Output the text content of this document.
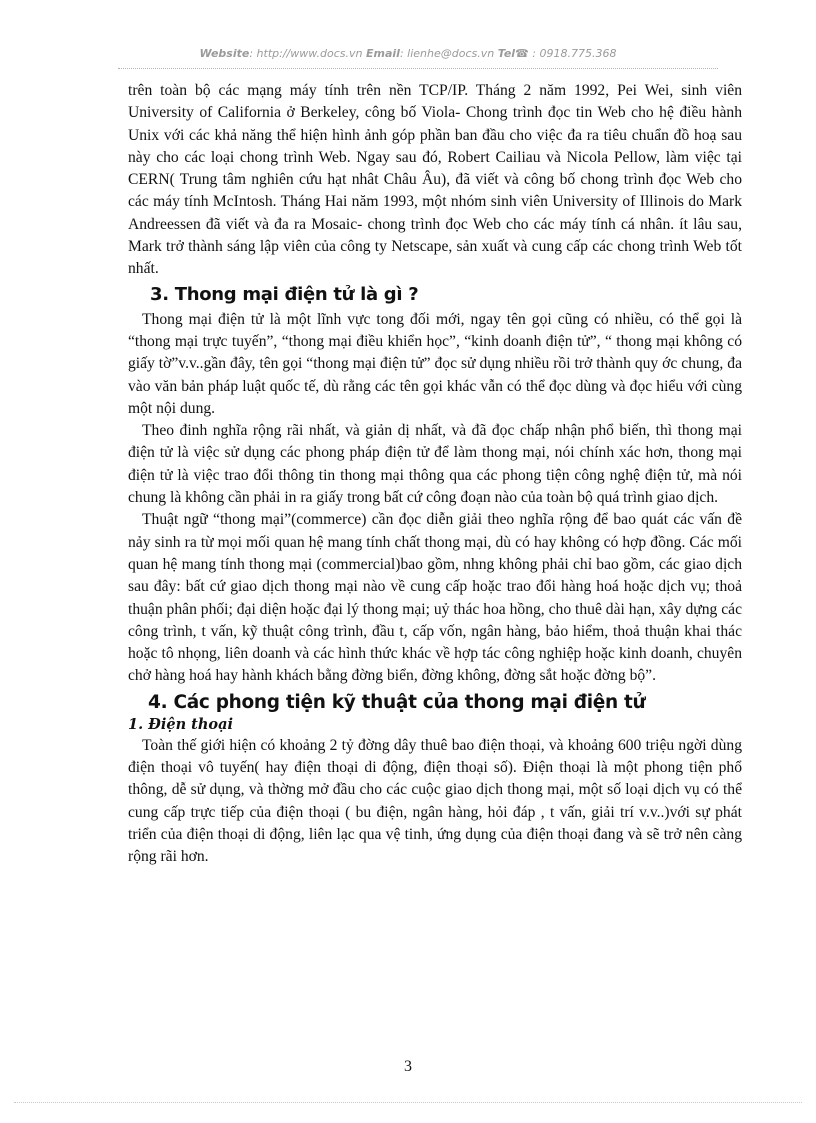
Website: http://www.docs.vn Email: lienhe@docs.vn Tel☎ : 0918.775.368

trên toàn bộ các mạng máy tính trên nền TCP/IP. Tháng 2 năm 1992, Pei Wei, sinh viên University of California ở Berkeley, công bố Viola- Chong trình đọc tin Web cho hệ điều hành Unix với các khả năng thể hiện hình ảnh góp phần ban đầu cho việc đa ra tiêu chuẩn đồ hoạ sau này cho các loại chong trình Web. Ngay sau đó, Robert Cailiau và Nicola Pellow, làm việc tại CERN( Trung tâm nghiên cứu hạt nhât Châu Âu), đã viết và công bố chong trình đọc Web cho các máy tính McIntosh. Tháng Hai năm 1993, một nhóm sinh viên University of Illinois do Mark Andreessen đã viết và đa ra Mosaic- chong trình đọc Web cho các máy tính cá nhân. ít lâu sau, Mark trở thành sáng lập viên của công ty Netscape, sản xuất và cung cấp các chong trình Web tốt nhất.

3. Thong mại điện tử là gì ?

Thong mại điện tử là một lĩnh vực tong đối mới, ngay tên gọi cũng có nhiều, có thể gọi là “thong mại trực tuyến”, “thong mại điều khiển học”, “kinh doanh điện tử”, “ thong mại không có giấy tờ”v.v..gần đây, tên gọi “thong mại điện tử” đọc sử dụng nhiều rồi trở thành quy ớc chung, đa vào văn bản pháp luật quốc tế, dù rằng các tên gọi khác vẫn có thể đọc dùng và đọc hiểu với cùng một nội dung.

Theo đinh nghĩa rộng rãi nhất, và giản dị nhất, và đã đọc chấp nhận phổ biến, thì thong mại điện tử là việc sử dụng các phong pháp điện tử để làm thong mại, nói chính xác hơn, thong mại điện tử là việc trao đổi thông tin thong mại thông qua các phong tiện công nghệ điện tử, mà nói chung là không cần phải in ra giấy trong bất cứ công đoạn nào của toàn bộ quá trình giao dịch.

Thuật ngữ “thong mại”(commerce) cần đọc diễn giải theo nghĩa rộng để bao quát các vấn đề nảy sinh ra từ mọi mối quan hệ mang tính chất thong mại, dù có hay không có hợp đồng. Các mối quan hệ mang tính thong mại (commercial)bao gồm, nhng không phải chỉ bao gồm, các giao dịch sau đây: bất cứ giao dịch thong mại nào về cung cấp hoặc trao đổi hàng hoá hoặc dịch vụ; thoả thuận phân phối; đại diện hoặc đại lý thong mại; uỷ thác hoa hồng, cho thuê dài hạn, xây dựng các công trình, t vấn, kỹ thuật công trình, đầu t, cấp vốn, ngân hàng, bảo hiểm, thoả thuận khai thác hoặc tô nhọng, liên doanh và các hình thức khác về hợp tác công nghiệp hoặc kinh doanh, chuyên chở hàng hoá hay hành khách bằng đờng biển, đờng không, đờng sắt hoặc đờng bộ”.

4. Các phong tiện kỹ thuật của thong mại điện tử
1. Điện thoại

Toàn thế giới hiện có khoảng 2 tỷ đờng dây thuê bao điện thoại, và khoảng 600 triệu ngời dùng điện thoại vô tuyến( hay điện thoại di động, điện thoại số). Điện thoại là một phong tiện phổ thông, dễ sử dụng, và thờng mở đầu cho các cuộc giao dịch thong mại, một số loại dịch vụ có thể cung cấp trực tiếp của điện thoại ( bu điện, ngân hàng, hỏi đáp , t vấn, giải trí v.v..)với sự phát triển của điện thoại di động, liên lạc qua vệ tinh, ứng dụng của điện thoại đang và sẽ trở nên càng rộng rãi hơn.

3
